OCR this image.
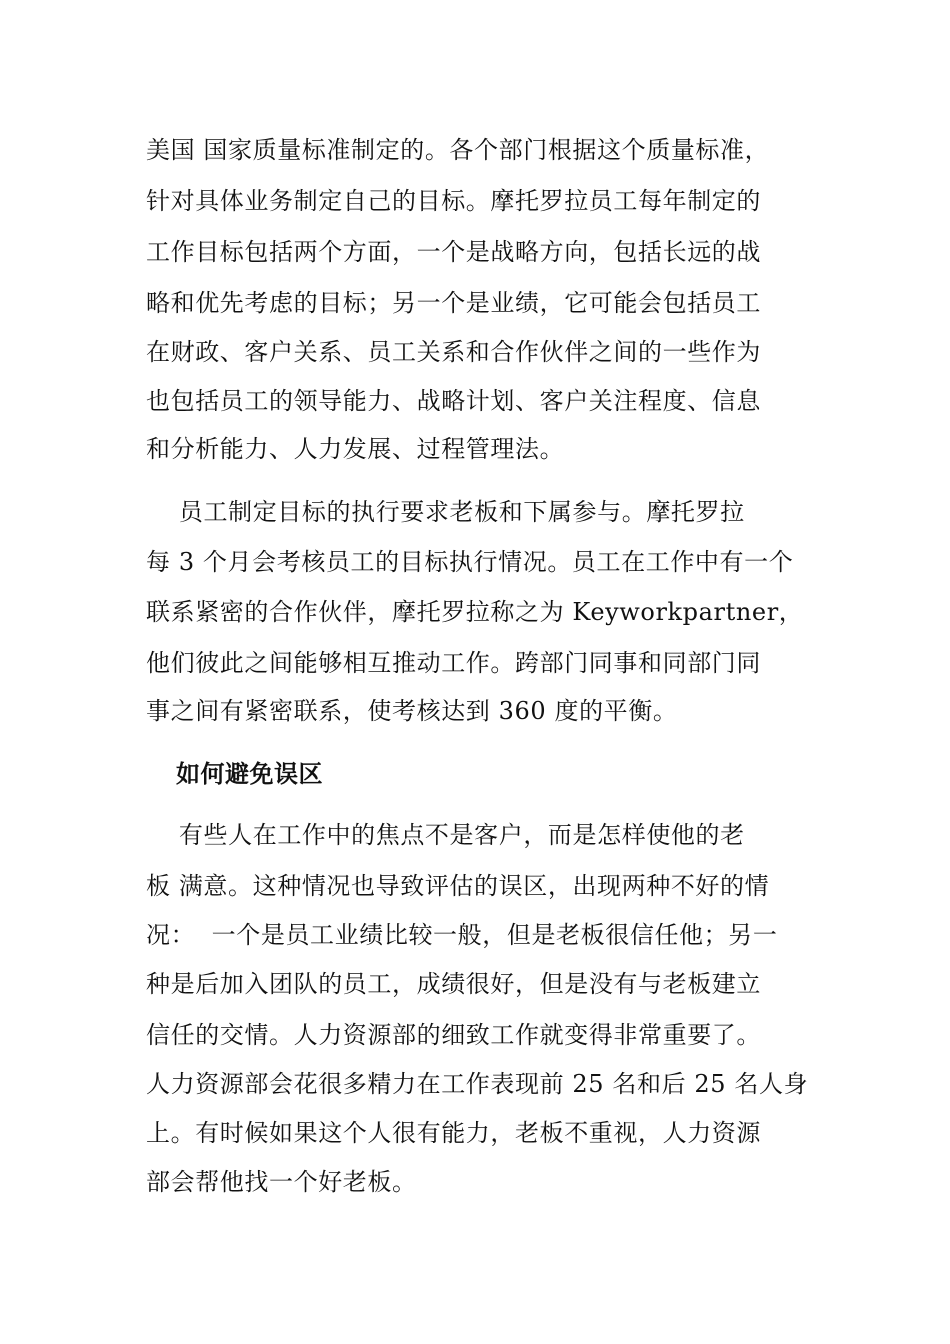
美国 国家质量标准制定的。各个部门根据这个质量标准，

针对具体业务制定自己的目标。摩托罗拉员工每年制定的

工作目标包括两个方面，一个是战略方向，包括长远的战

略和优先考虑的目标；另一个是业绩，它可能会包括员工

在财政、客户关系、员工关系和合作伙伴之间的一些作为

也包括员工的领导能力、战略计划、客户关注程度、信息

和分析能力、人力发展、过程管理法。

员工制定目标的执行要求老板和下属参与。摩托罗拉

每 3 个月会考核员工的目标执行情况。员工在工作中有一个

联系紧密的合作伙伴，摩托罗拉称之为 Keyworkpartner，

他们彼此之间能够相互推动工作。跨部门同事和同部门同

事之间有紧密联系，使考核达到 360 度的平衡。

如何避免误区

有些人在工作中的焦点不是客户，而是怎样使他的老

板 满意。这种情况也导致评估的误区，出现两种不好的情

况：  一个是员工业绩比较一般，但是老板很信任他；另一

种是后加入团队的员工，成绩很好，但是没有与老板建立

信任的交情。人力资源部的细致工作就变得非常重要了。

人力资源部会花很多精力在工作表现前 25 名和后 25 名人身

上。有时候如果这个人很有能力，老板不重视，人力资源

部会帮他找一个好老板。
